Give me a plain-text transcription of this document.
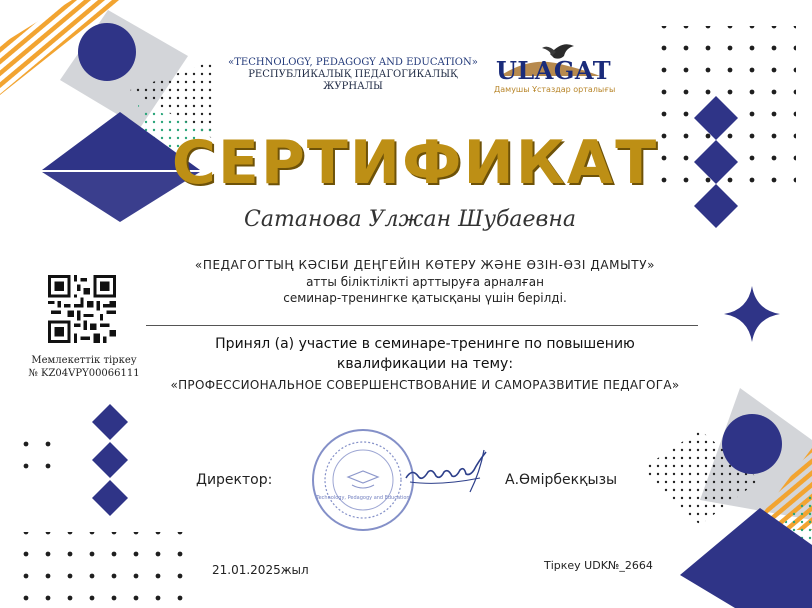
«TECHNOLOGY, PEDAGOGY AND EDUCATION»
РЕСПУБЛИКАЛЫҚ ПЕДАГОГИКАЛЫҚ ЖУРНАЛЫ
ULAGAT
Дамушы Ұстаздар орталығы
СЕРТИФИКАТ
Сатанова Улжан Шубаевна
«ПЕДАГОГТЫҢ КӘСІБИ ДЕҢГЕЙІН КӨТЕРУ ЖӘНЕ ӨЗІН-ӨЗІ ДАМЫТУ»
атты біліктілікті арттыруға арналған
семинар-тренингке қатысқаны үшін берілді.
Принял (а) участие в семинаре-тренинге по повышению
квалификации на тему:
«ПРОФЕССИОНАЛЬНОЕ СОВЕРШЕНСТВОВАНИЕ И САМОРАЗВИТИЕ ПЕДАГОГА»
Мемлекеттік тіркеу
№ KZ04VPY00066111
Директор:
Technology, Pedagogy and Education
А.Өмірбекқызы
21.01.2025жыл	Тіркеу UDK№_2664
